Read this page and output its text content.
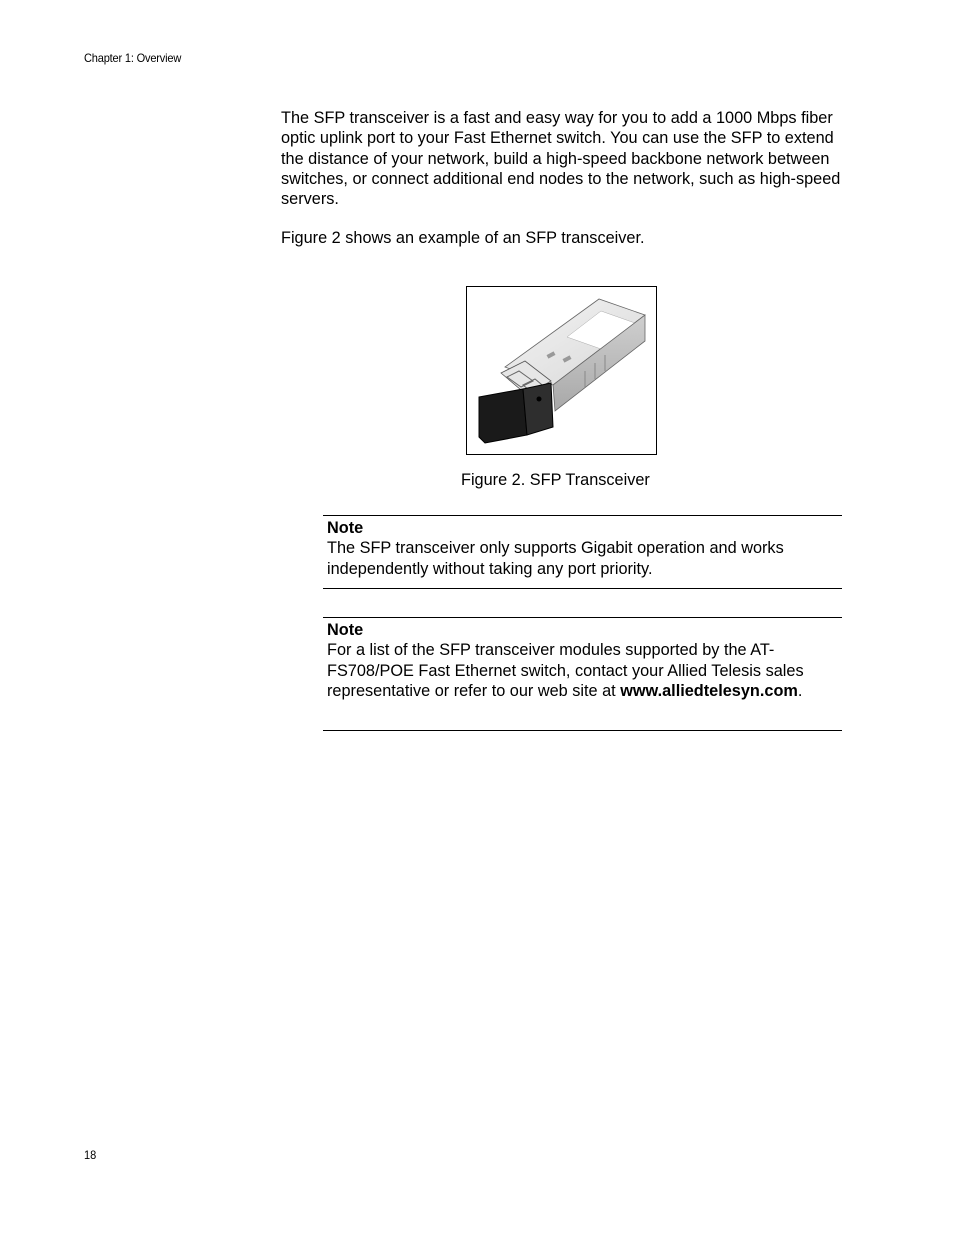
Chapter 1: Overview

The SFP transceiver is a fast and easy way for you to add a 1000 Mbps fiber optic uplink port to your Fast Ethernet switch. You can use the SFP to extend the distance of your network, build a high-speed backbone network between switches, or connect additional end nodes to the network, such as high-speed servers.

Figure 2 shows an example of an SFP transceiver.

Figure 2. SFP Transceiver
Note
The SFP transceiver only supports Gigabit operation and works independently without taking any port priority.
Note
For a list of the SFP transceiver modules supported by the AT-FS708/POE Fast Ethernet switch, contact your Allied Telesis sales representative or refer to our web site at www.alliedtelesyn.com.
18
